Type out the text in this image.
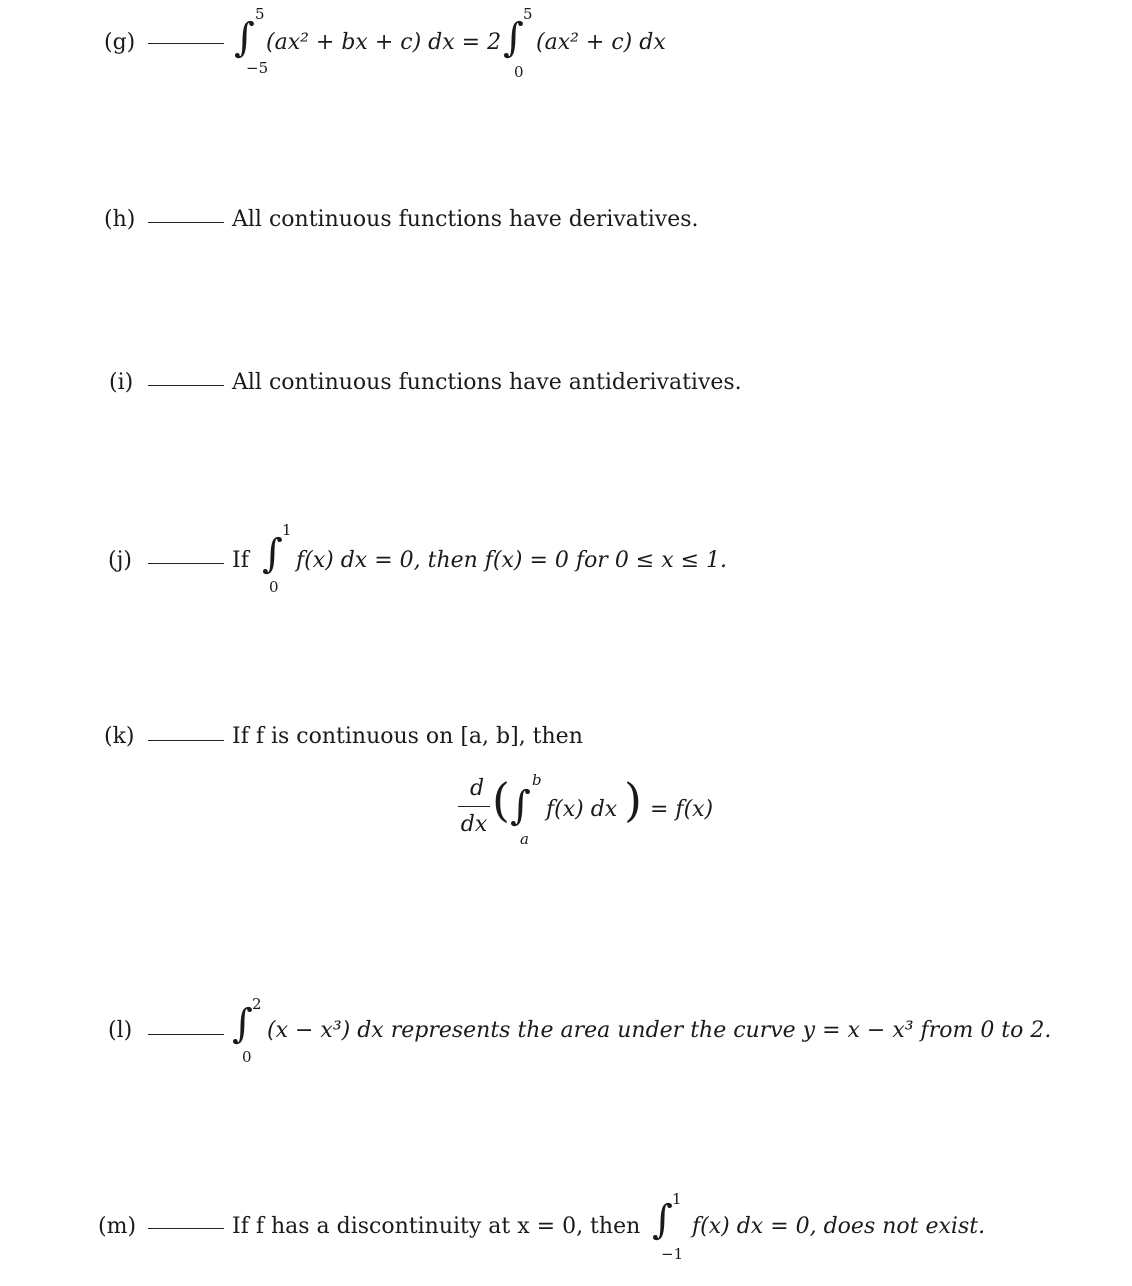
(g) ∫
5
−5
(ax² + bx + c) dx = 2 ∫
5
0
(ax² + c) dx
(h)	All continuous functions have derivatives.
(i)	All continuous functions have antiderivatives.
(j)	If ∫
1
0
f(x) dx = 0, then f(x) = 0 for 0 ≤ x ≤ 1.
(k)	If f is continuous on [a, b], then
d
dx ( ∫
b
a
f(x) dx ) = f(x)
(l) ∫ 2
0
(x − x³) dx represents the area under the curve y = x − x³ from 0 to 2.
(m)	If f has a discontinuity at x = 0, then ∫ 1
−1
f(x) dx = 0, does not exist.
